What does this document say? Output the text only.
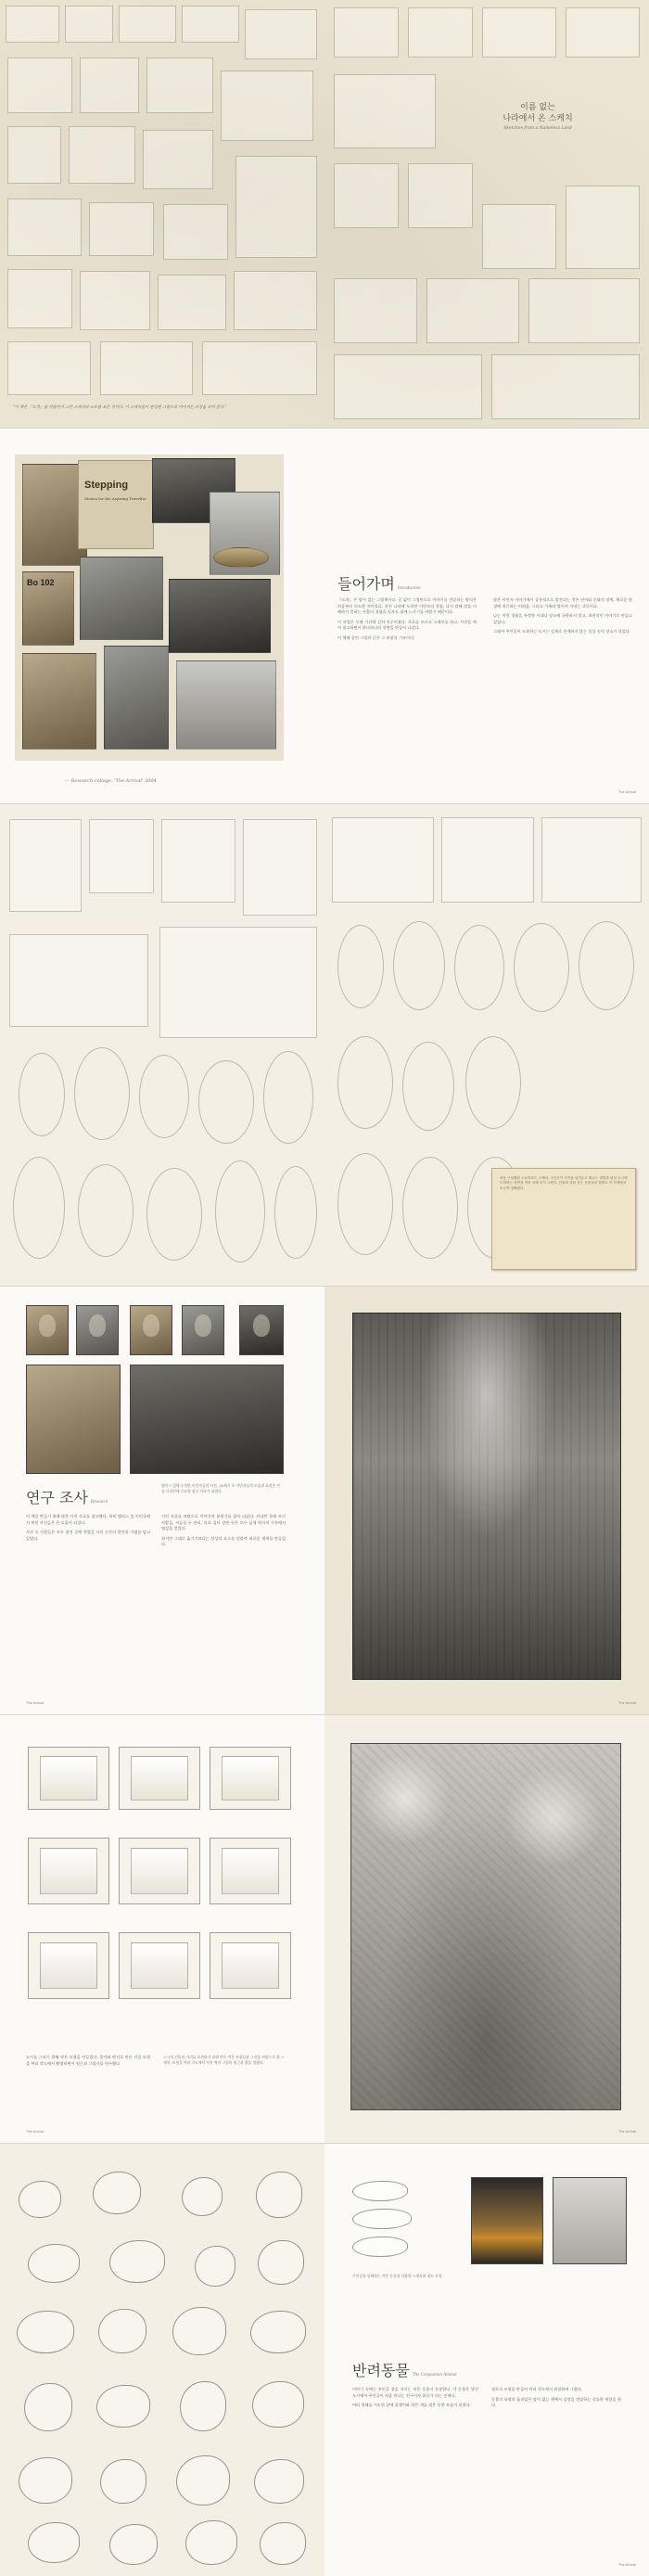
"이 책은 『도착』을 만들면서 그린 스케치와 노트를 모은 것이다. 이 스케치들이 완성된 그림으로 이어지는 과정을 보여 준다."
이름 없는
나라에서 온 스케치
Sketches from a Nameless Land
Stepping
Stones for the Aspiring Traveller
Bo 102
— Research collage, 'The Arrival' 2004
들어가며 Introduction

『도착』은 말이 없는 그림책이다. 글 없이 그림만으로 이야기를 전달하는 방식은 처음부터 의도한 것이었다. 낯선 나라에 도착한 이민자의 경험, 다시 말해 말을 이해하지 못하는 사람의 경험을 독자도 함께 느끼기를 바랐기 때문이다.

이 작업은 오랜 기간에 걸쳐 이루어졌다. 자료를 모으고 스케치를 하고, 사진을 찍어 참고하면서 하나하나의 장면을 만들어 나갔다.

이 책에 실린 그림과 글은 그 과정의 기록이다.

많은 이민자 이야기에서 공통적으로 발견되는 것은 언어와 문화의 장벽, 새로운 환경에 적응하는 어려움, 그리고 가족과 떨어져 지내는 고독이다.

나는 이런 경험을 특정한 시대나 장소에 국한하지 않고, 보편적인 이야기로 만들고 싶었다.

그래서 주인공이 도착하는 도시는 실제로 존재하지 않는 상상 속의 장소가 되었다.

The Arrival
처음 구상했던 스토리보드 스케치. 주인공이 가족을 남겨두고 떠나는 장면과 낯선 도시에 도착하는 장면을 여러 차례 다시 그렸다. 인물과 괴물 같은 동물들의 형태도 이 단계에서 조금씩 정해졌다.
연구 조사 Research
엘리스 섬에 도착한 이민자들의 사진. 20세기 초 이민자들의 모습과 표정은 인물 디자인에 중요한 참고 자료가 되었다.

이 책을 만들기 위해 많은 사진 자료를 참고했다. 특히 엘리스 섬 이민국에서 찍힌 사진들은 큰 도움이 되었다.

사진 속 사람들은 모두 낯선 곳에 첫발을 디딘 순간의 불안과 기대를 담고 있었다.

이런 자료를 바탕으로 이야기의 분위기를 잡아 나갔다. 커다란 홀에 모인 사람들, 서류를 든 관리, 의료 검사 장면 등은 모두 실제 역사적 기록에서 영감을 얻었다.

하지만 그대로 옮기기보다는 상상의 요소를 덧붙여 새로운 세계를 만들었다.

The Arrival	The Arrival

도시를 그리기 위해 작은 모형을 만들었다. 종이와 판지로 만든 건물 모형을 여러 각도에서 촬영하면서 원근과 그림자를 연구했다.

도시의 건물과 거리를 표현하기 위해 만든 작은 모형들과 그것을 바탕으로 한 스케치. 모형을 여러 각도에서 사진 찍어 그림의 원근과 빛을 정했다.
The Arrival	The Arrival
주인공과 함께하는 작은 동물의 다양한 스케치와 점토 모형.
반려동물 The Companion Animal

이야기 속에는 주인공 곁을 지키는 작은 동물이 등장한다. 이 동물은 낯선 도시에서 주인공이 처음 만나는 친구이자 위로가 되는 존재다.

여러 형태를 시도한 끝에 올챙이와 작은 개를 섞은 듯한 모습이 되었다.

점토로 모형을 만들어 여러 각도에서 관찰하며 그렸다.

동물의 표정과 움직임은 말이 없는 책에서 감정을 전달하는 중요한 역할을 한다.

The Arrival
